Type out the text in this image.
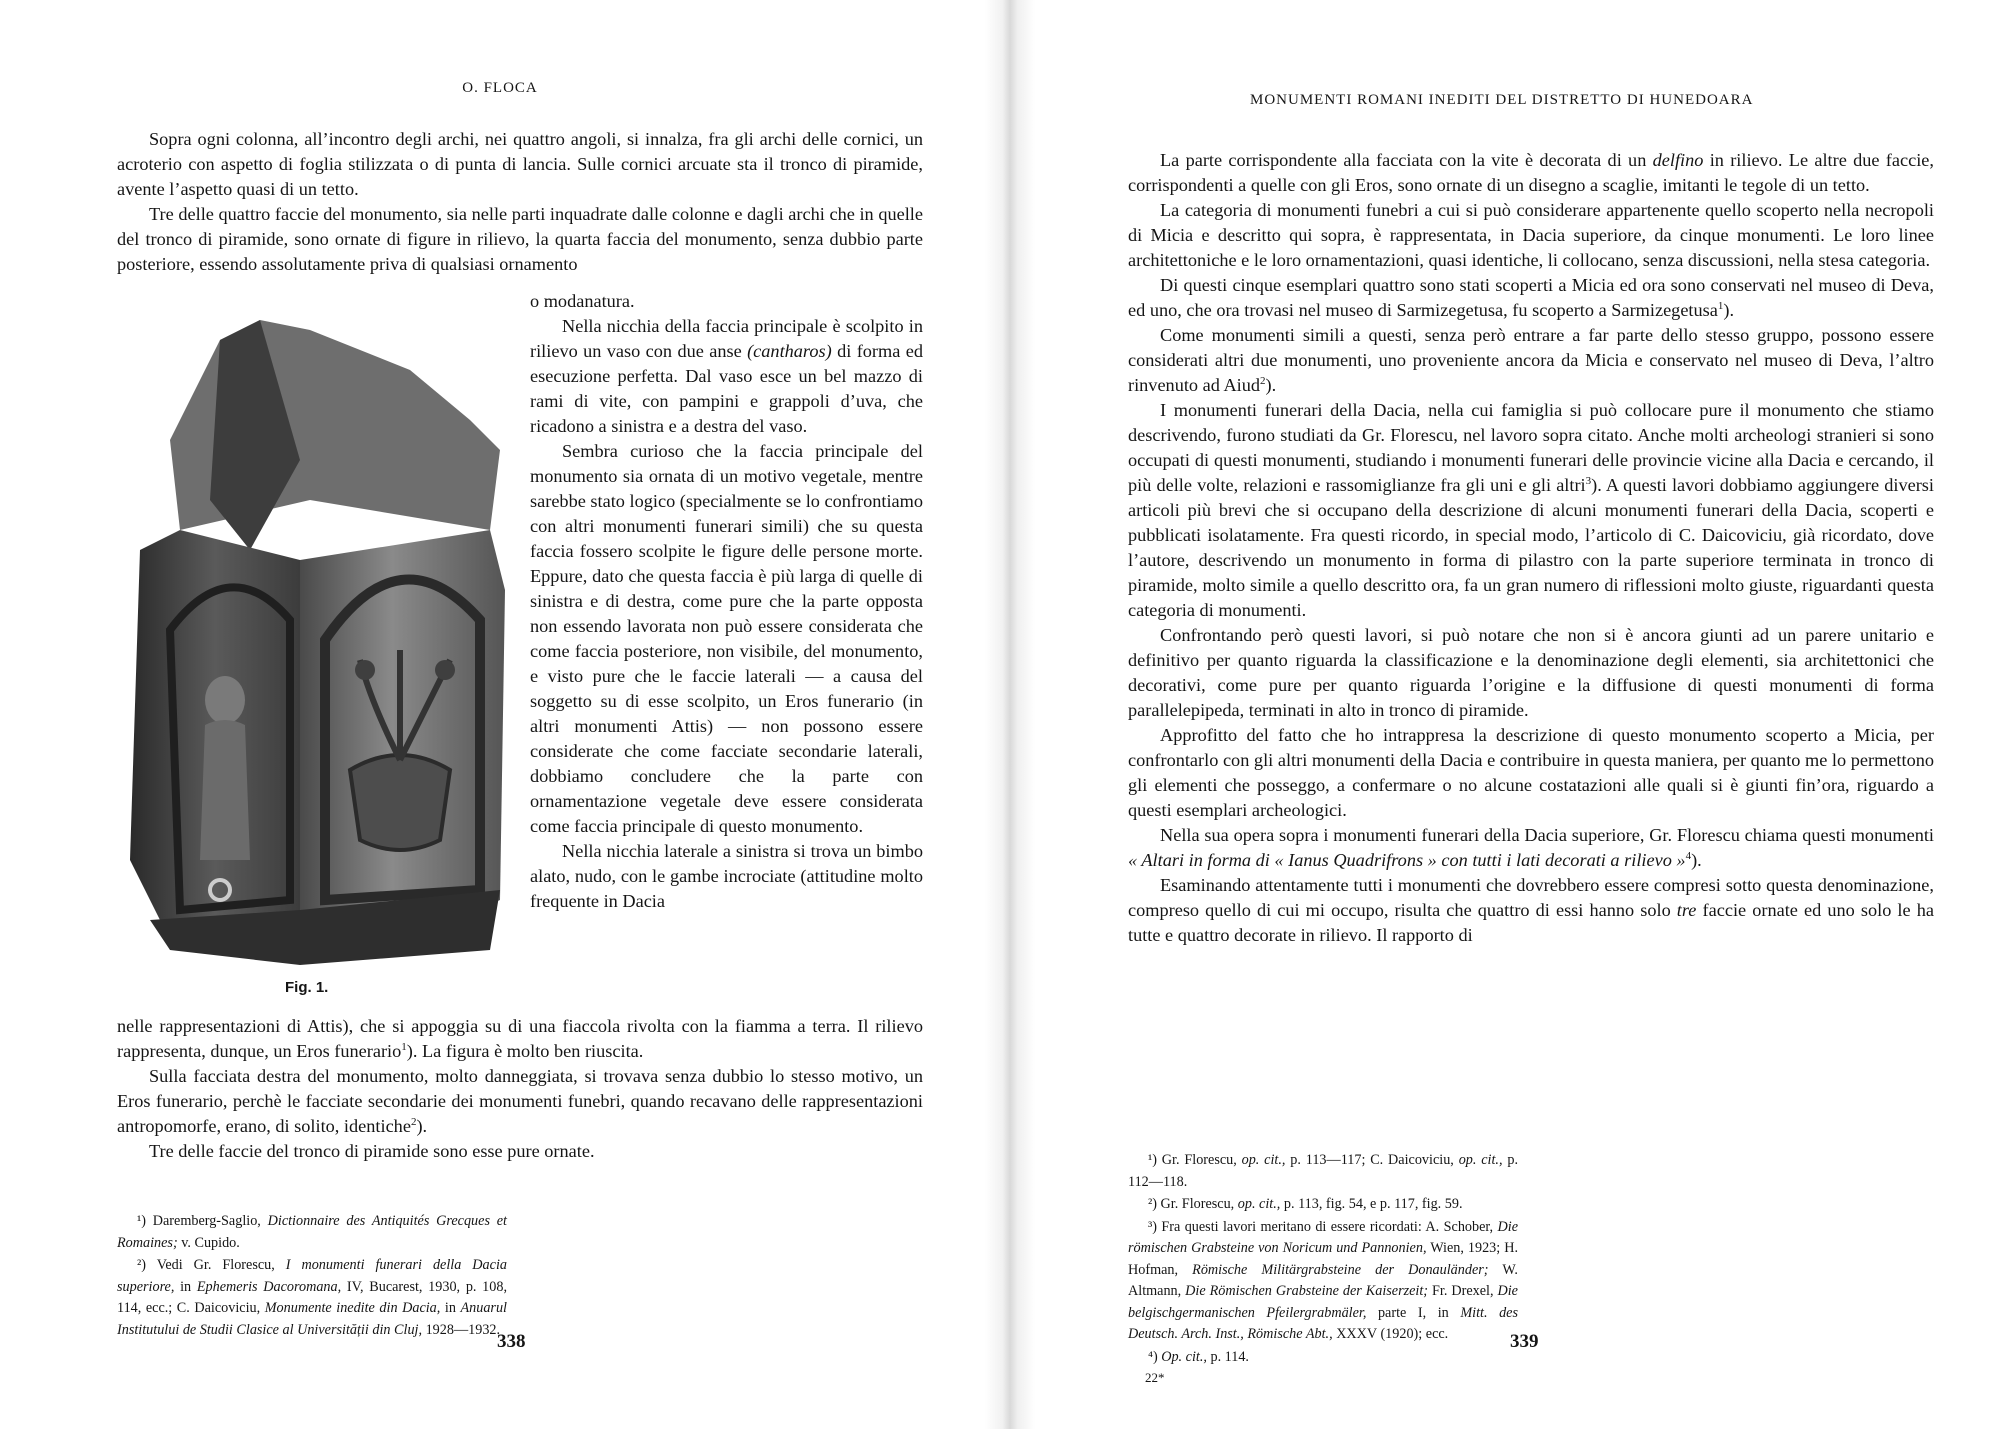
O. FLOCA

Sopra ogni colonna, all’incontro degli archi, nei quattro angoli, si innalza, fra gli archi delle cornici, un acroterio con aspetto di foglia stilizzata o di punta di lancia. Sulle cornici arcuate sta il tronco di piramide, avente l’aspetto quasi di un tetto.

Tre delle quattro faccie del monumento, sia nelle parti inquadrate dalle colonne e dagli archi che in quelle del tronco di piramide, sono ornate di figure in rilievo, la quarta faccia del monumento, senza dubbio parte posteriore, essendo assolutamente priva di qualsiasi ornamento

o modanatura.

Nella nicchia della faccia principale è scolpito in rilievo un vaso con due anse (cantharos) di forma ed esecuzione perfetta. Dal vaso esce un bel mazzo di rami di vite, con pampini e grappoli d’uva, che ricadono a sinistra e a destra del vaso.

Sembra curioso che la faccia principale del monumento sia ornata di un motivo vegetale, mentre sarebbe stato logico (specialmente se lo confrontiamo con altri monumenti funerari simili) che su questa faccia fossero scolpite le figure delle persone morte. Eppure, dato che questa faccia è più larga di quelle di sinistra e di destra, come pure che la parte opposta non essendo lavorata non può essere considerata che come faccia posteriore, non visibile, del monumento, e visto pure che le faccie laterali — a causa del soggetto su di esse scolpito, un Eros funerario (in altri monumenti Attis) — non possono essere considerate che come facciate secondarie laterali, dobbiamo concludere che la parte con ornamentazione vegetale deve essere considerata come faccia principale di questo monumento.

Nella nicchia laterale a sinistra si trova un bimbo alato, nudo, con le gambe incrociate (attitudine molto frequente in Dacia

Fig. 1.

nelle rappresentazioni di Attis), che si appoggia su di una fiaccola rivolta con la fiamma a terra. Il rilievo rappresenta, dunque, un Eros funerario$^1$). La figura è molto ben riuscita.

Sulla facciata destra del monumento, molto danneggiata, si trovava senza dubbio lo stesso motivo, un Eros funerario, perchè le facciate secondarie dei monumenti funebri, quando recavano delle rappresentazioni antropomorfe, erano, di solito, identiche$^2$).

Tre delle faccie del tronco di piramide sono esse pure ornate.

¹) Daremberg-Saglio, Dictionnaire des Antiquités Grecques et Romaines; v. Cupido.

²) Vedi Gr. Florescu, I monumenti funerari della Dacia superiore, in Ephemeris Dacoromana, IV, Bucarest, 1930, p. 108, 114, ecc.; C. Daicoviciu, Monumente inedite din Dacia, in Anuarul Institutului de Studii Clasice al Universității din Cluj, 1928—1932.

338
MONUMENTI ROMANI INEDITI DEL DISTRETTO DI HUNEDOARA

La parte corrispondente alla facciata con la vite è decorata di un delfino in rilievo. Le altre due faccie, corrispondenti a quelle con gli Eros, sono ornate di un disegno a scaglie, imitanti le tegole di un tetto.

La categoria di monumenti funebri a cui si può considerare appartenente quello scoperto nella necropoli di Micia e descritto qui sopra, è rappresentata, in Dacia superiore, da cinque monumenti. Le loro linee architettoniche e le loro ornamentazioni, quasi identiche, li collocano, senza discussioni, nella stesa categoria.

Di questi cinque esemplari quattro sono stati scoperti a Micia ed ora sono conservati nel museo di Deva, ed uno, che ora trovasi nel museo di Sarmizegetusa, fu scoperto a Sarmizegetusa$^1$).

Come monumenti simili a questi, senza però entrare a far parte dello stesso gruppo, possono essere considerati altri due monumenti, uno proveniente ancora da Micia e conservato nel museo di Deva, l’altro rinvenuto ad Aiud$^2$).

I monumenti funerari della Dacia, nella cui famiglia si può collocare pure il monumento che stiamo descrivendo, furono studiati da Gr. Florescu, nel lavoro sopra citato. Anche molti archeologi stranieri si sono occupati di questi monumenti, studiando i monumenti funerari delle provincie vicine alla Dacia e cercando, il più delle volte, relazioni e rassomiglianze fra gli uni e gli altri$^3$). A questi lavori dobbiamo aggiungere diversi articoli più brevi che si occupano della descrizione di alcuni monumenti funerari della Dacia, scoperti e pubblicati isolatamente. Fra questi ricordo, in special modo, l’articolo di C. Daicoviciu, già ricordato, dove l’autore, descrivendo un monumento in forma di pilastro con la parte superiore terminata in tronco di piramide, molto simile a quello descritto ora, fa un gran numero di riflessioni molto giuste, riguardanti questa categoria di monumenti.

Confrontando però questi lavori, si può notare che non si è ancora giunti ad un parere unitario e definitivo per quanto riguarda la classificazione e la denominazione degli elementi, sia architettonici che decorativi, come pure per quanto riguarda l’origine e la diffusione di questi monumenti di forma parallelepipeda, terminati in alto in tronco di piramide.

Approfitto del fatto che ho intrappresa la descrizione di questo monumento scoperto a Micia, per confrontarlo con gli altri monumenti della Dacia e contribuire in questa maniera, per quanto me lo permettono gli elementi che posseggo, a confermare o no alcune costatazioni alle quali si è giunti fin’ora, riguardo a questi esemplari archeologici.

Nella sua opera sopra i monumenti funerari della Dacia superiore, Gr. Florescu chiama questi monumenti « Altari in forma di « Ianus Quadrifrons » con tutti i lati decorati a rilievo »$^4$).

Esaminando attentamente tutti i monumenti che dovrebbero essere compresi sotto questa denominazione, compreso quello di cui mi occupo, risulta che quattro di essi hanno solo tre faccie ornate ed uno solo le ha tutte e quattro decorate in rilievo. Il rapporto di

¹) Gr. Florescu, op. cit., p. 113—117; C. Daicoviciu, op. cit., p. 112—118.

²) Gr. Florescu, op. cit., p. 113, fig. 54, e p. 117, fig. 59.

³) Fra questi lavori meritano di essere ricordati: A. Schober, Die römischen Grabsteine von Noricum und Pannonien, Wien, 1923; H. Hofman, Römische Militärgrabsteine der Donauländer; W. Altmann, Die Römischen Grabsteine der Kaiserzeit; Fr. Drexel, Die belgischgermanischen Pfeilergrabmäler, parte I, in Mitt. des Deutsch. Arch. Inst., Römische Abt., XXXV (1920); ecc.

⁴) Op. cit., p. 114.

339
22*
